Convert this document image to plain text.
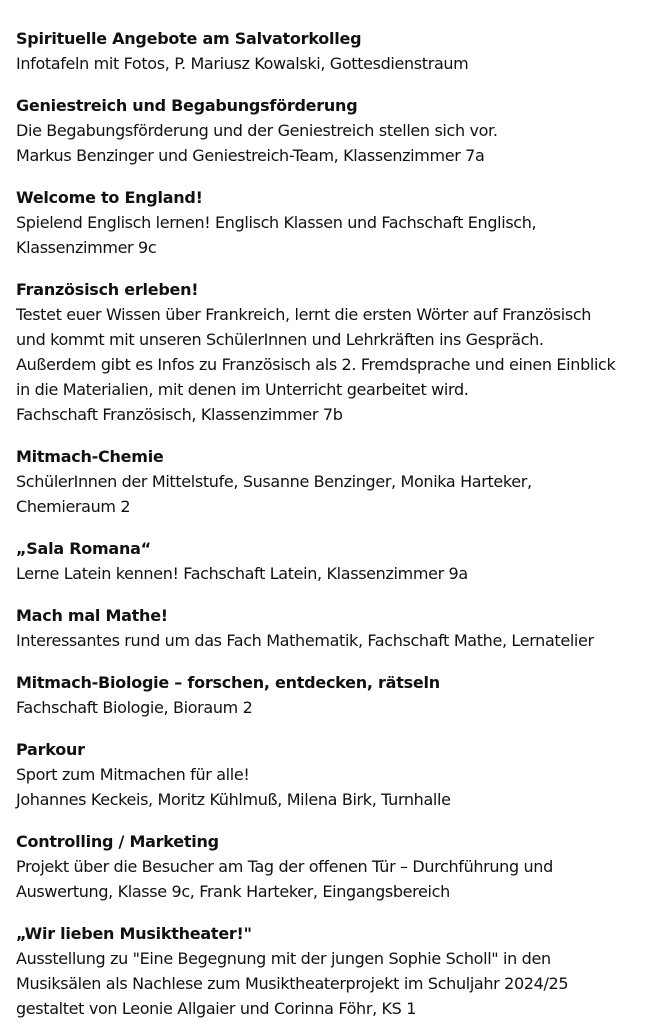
Spirituelle Angebote am Salvatorkolleg

Infotafeln mit Fotos, P. Mariusz Kowalski, Gottesdienstraum

Geniestreich und Begabungsförderung

Die Begabungsförderung und der Geniestreich stellen sich vor.

Markus Benzinger und Geniestreich-Team, Klassenzimmer 7a

Welcome to England!

Spielend Englisch lernen! Englisch Klassen und Fachschaft Englisch,

Klassenzimmer 9c

Französisch erleben!

Testet euer Wissen über Frankreich, lernt die ersten Wörter auf Französisch

und kommt mit unseren SchülerInnen und Lehrkräften ins Gespräch.

Außerdem gibt es Infos zu Französisch als 2. Fremdsprache und einen Einblick

in die Materialien, mit denen im Unterricht gearbeitet wird.

Fachschaft Französisch, Klassenzimmer 7b

Mitmach-Chemie

SchülerInnen der Mittelstufe, Susanne Benzinger, Monika Harteker,

Chemieraum 2

„Sala Romana“

Lerne Latein kennen! Fachschaft Latein, Klassenzimmer 9a

Mach mal Mathe!

Interessantes rund um das Fach Mathematik, Fachschaft Mathe, Lernatelier

Mitmach-Biologie – forschen, entdecken, rätseln

Fachschaft Biologie, Bioraum 2

Parkour

Sport zum Mitmachen für alle!

Johannes Keckeis, Moritz Kühlmuß, Milena Birk, Turnhalle

Controlling / Marketing

Projekt über die Besucher am Tag der offenen Tür – Durchführung und

Auswertung, Klasse 9c, Frank Harteker, Eingangsbereich

„Wir lieben Musiktheater!"

Ausstellung zu "Eine Begegnung mit der jungen Sophie Scholl" in den

Musiksälen als Nachlese zum Musiktheaterprojekt im Schuljahr 2024/25

gestaltet von Leonie Allgaier und Corinna Föhr, KS 1
